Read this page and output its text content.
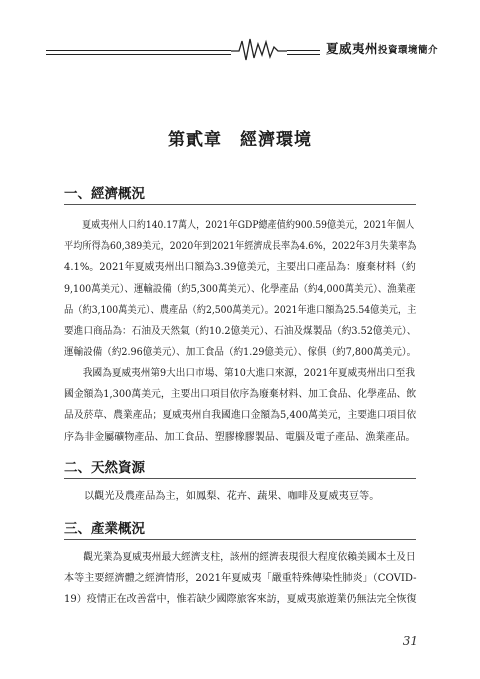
夏威夷州投資環境簡介
第貳章　經濟環境
一、經濟概況
夏威夷州人口約140.17萬人，2021年GDP總產值約900.59億美元，2021年個人 平均所得為60,389美元，2020年到2021年經濟成長率為4.6%，2022年3月失業率為 4.1%。2021年夏威夷州出口額為3.39億美元，主要出口產品為：廢棄材料（約 9,100萬美元）、運輸設備（約5,300萬美元）、化學產品（約4,000萬美元）、漁業產 品（約3,100萬美元）、農產品（約2,500萬美元）。2021年進口額為25.54億美元，主 要進口商品為：石油及天然氣（約10.2億美元）、石油及煤製品（約3.52億美元）、 運輸設備（約2.96億美元）、加工食品（約1.29億美元）、傢俱（約7,800萬美元）。
我國為夏威夷州第9大出口市場、第10大進口來源，2021年夏威夷州出口至我 國金額為1,300萬美元，主要出口項目依序為廢棄材料、加工食品、化學產品、飲 品及菸草、農業產品；夏威夷州自我國進口金額為5,400萬美元，主要進口項目依 序為非金屬礦物產品、加工食品、塑膠橡膠製品、電腦及電子產品、漁業產品。
二、天然資源
以觀光及農產品為主，如鳳梨、花卉、蔬果、咖啡及夏威夷豆等。
三、產業概況
觀光業為夏威夷州最大經濟支柱，該州的經濟表現很大程度依賴美國本土及日 本等主要經濟體之經濟情形，2021年夏威夷「嚴重特殊傳染性肺炎」（COVID- 19）疫情正在改善當中，惟若缺少國際旅客來訪，夏威夷旅遊業仍無法完全恢復
31
